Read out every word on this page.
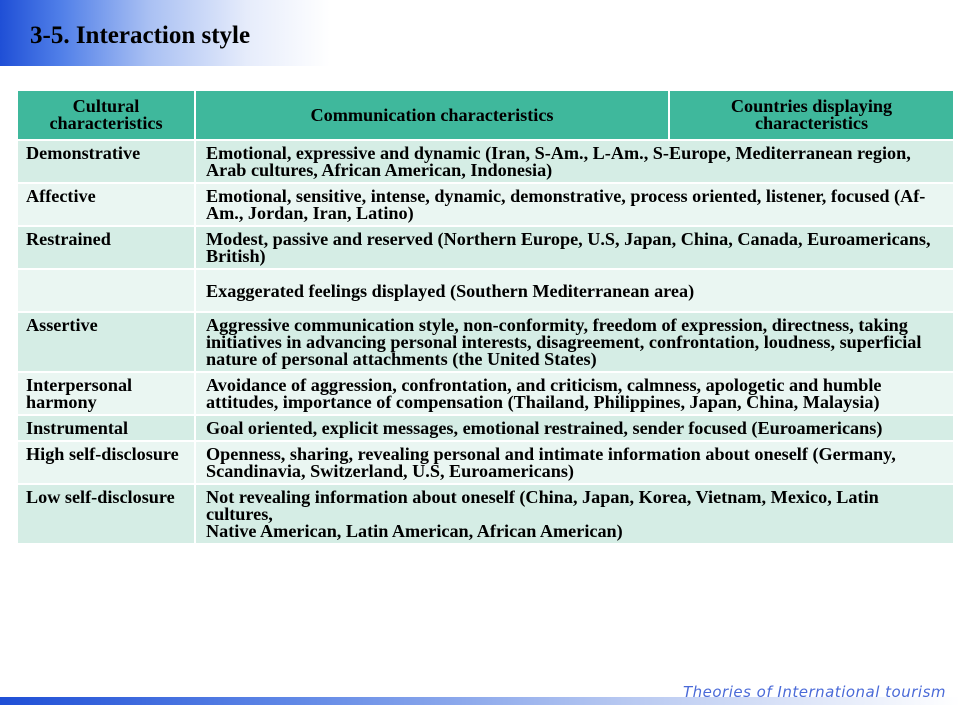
3-5. Interaction style
Cultural characteristics	Communication characteristics	Countries displaying characteristics
Demonstrative	Emotional, expressive and dynamic (Iran, S-Am., L-Am., S-Europe, Mediterranean region, Arab cultures, African American, Indonesia)	
Affective	Emotional, sensitive, intense, dynamic, demonstrative, process oriented, listener, focused (Af-Am., Jordan, Iran, Latino)	
Restrained	Modest, passive and reserved (Northern Europe, U.S, Japan, China, Canada, Euroamericans, British)	
	Exaggerated feelings displayed (Southern Mediterranean area)	
Assertive	Aggressive communication style, non-conformity, freedom of expression, directness, taking initiatives in advancing personal interests, disagreement, confrontation, loudness, superficial nature of personal attachments (the United States)	
Interpersonal harmony	Avoidance of aggression, confrontation, and criticism, calmness, apologetic and humble attitudes, importance of compensation (Thailand, Philippines, Japan, China, Malaysia)	
Instrumental	Goal oriented, explicit messages, emotional restrained, sender focused (Euroamericans)	
High self-disclosure	Openness, sharing, revealing personal and intimate information about oneself (Germany, Scandinavia, Switzerland, U.S, Euroamericans)	
Low self-disclosure	Not revealing information about oneself (China, Japan, Korea, Vietnam, Mexico, Latin cultures,
Native American, Latin American, African American)	
Theories of International tourism
